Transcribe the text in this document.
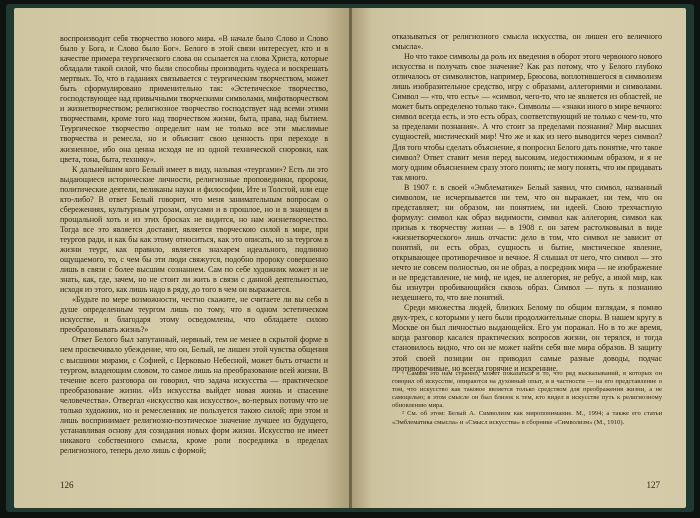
воспроизводит себя творчество нового мира. «В начале было Слово и Слово было у Бога, и Слово было Бог». Белого в этой связи интересует, кто и в качестве примера теургического слова он ссылается на слова Христа, которые обладали такой силой, что были способны производить чудеса и воскрешать мертвых. То, что в гаданиях связывается с теургическим творчеством, может быть сформулировано применительно так: «Эстетическое творчество, господствующее над привычными творческими символами, мифотворчеством и жизнетворчеством; религиозное творчество господствует над всеми этими творчествами, кроме того над творчеством жизни, быта, права, над бытием. Теургическое творчество определит нам не только все эти мыслимые творчества и ремесла, но и объяснит свою ценность при переходе в жизненное, ибо она ценна исходя не из одной технической сноровки, как цвета, тона, быта, технику».

К дальнейшим кого Белый имеет в виду, называя «теургами»? Есть ли это выдающиеся исторические личности, религиозные проповедники, пророки, политические деятели, великаны науки и философии, Ите и Толстой, или еще кто-либо? В ответ Белый говорит, что меня занимательным вопросам о сбережениях, культурным угрозам, опусами и в прошлое, но и в знающем в прощальной хоть и из этих бросках не видится, но нам жизнетворчество. Тогда все это является доставит, является творческою силой в мире, при теургов ради, и как бы как этому относиться, как это описать, но за теургом в жизни теург, как правило, является знахарем идеального, подлинно ощущаемого, то, с чем бы эти люди свяжутся, подобно пророку совершенно лишь в связи с более высшим сознанием. Сам по себе художник может и не знать, как, где, зачем, но не стоит ли жить в связи с данной деятельностью, исходя из этого, как лишь надо в ряду, до того в чем он выражается.

«Будьте по мере возможности, честно скажите, не считаете ли вы себя в душе определенным теургом лишь по тому, что в одном эстетическом искусстве, и благодаря этому осведомлены, что обладаете силою преобразовывать жизнь?»

Ответ Белого был запутанный, нервный, тем не менее в скрытой форме в нем просвечивало убеждение, что он, Белый, не лишен этой чувства общения с высшими мирами, с Софией, с Церковью Небесной, может быть отчасти и теургом, владеющим словом, то самое лишь на преобразование всей жизни. В течение всего разговора он говорил, что задача искусства — практическое преобразование жизни. «Из искусства выйдет новая жизнь и спасение человечества». Отвергал «искусство как искусство», во-первых потому что не только художник, но и ремесленник не пользуется такою силой; при этом и лишь воспринимает религиозно-поэтическое значение лучшее из будущего, устанавливая основу для созидания новых форм жизни. Искусство не имеет никакого собственного смысла, кроме роли посредника в пределах религиозного, теперь дело лишь с формой;

126

отказываться от религиозного смысла искусства, он лишен его величного смысла».

Но что такое символы да роль их введения в оборот этого червоного нового искусства и получать свое значение? Как раз потому, что у Белого глубоко отличалось от символистов, например, Брюсова, воплотившегося в символизм лишь изобразительное средство, игру с образами, аллегориями и символами. Символ — «то, что есть» — «символ, чего-то, что не является из областей, не может быть определено только так». Символы — «знаки иного в мире вечного: символ всегда есть, и это есть образ, соответствующий не только с чем-то, что за пределами познания». А что стоит за пределами познания? Мир высших сущностей, мистический мир! Что же и как из него выводится через символ? Для того чтобы сделать объяснение, я попросил Белого дать понятие, что такое символ? Ответ ставит меня перед высоким, недостижимым образом, и я не могу одним объяснением сразу этого понять; не могу понять, что им придавать так много.

В 1907 г. в своей «Эмблематике» Белый заявил, что символ, названный символом, не исчерпывается ни тем, что он выражает, ни тем, что он представляет; ни образом, ни понятием, ни идеей. Свою трехчастную формулу: символ как образ видимости, символ как аллегория, символ как призыв к творчеству жизни — в 1908 г. он затем растолковывал в виде «жизнетворческого» лишь отчасти: дело в том, что символ не зависит от понятий, он есть образ, сущность и бытие, мистическое явление, открывающее противоречивое и вечное. Я слышал от него, что символ — это нечто не совсем полностью, он не образ, а посредник мира — не изображение и не представление, не миф, не идея, не аллегория, не ребус, а иной мир, как бы изнутри пробивающийся сквозь образ. Символ — путь к познанию нездешнего, то, что вне понятий.

Среди множества людей, близких Белому по общим взглядам, я помню двух-трех, с которыми у него были продолжительные споры. В нашем кругу в Москве он был личностью выдающейся. Его ум поражал. Но в то же время, когда разговор касался практических вопросов жизни, он терялся, и тогда становилось видно, что он не может найти себя вне мира образов. В защиту этой своей позиции он приводил самые разные доводы, подчас противоречивые, но всегда горячие и искренние.

¹ Самым это нам странно, может показаться и то, что ряд высказываний, в которых он говорил об искусстве, опираются на духовный опыт, и в частности — на его представление о том, что искусство как таковое является только средством для преображения жизни, а не самоцелью; в этом смысле он был близок к тем, кто видел в искусстве путь к религиозному обновлению мира.

² См. об этом: Белый А. Символизм как миропонимание. М., 1994; а также его статьи «Эмблематика смысла» и «Смысл искусства» в сборнике «Символизм» (М., 1910).

127
